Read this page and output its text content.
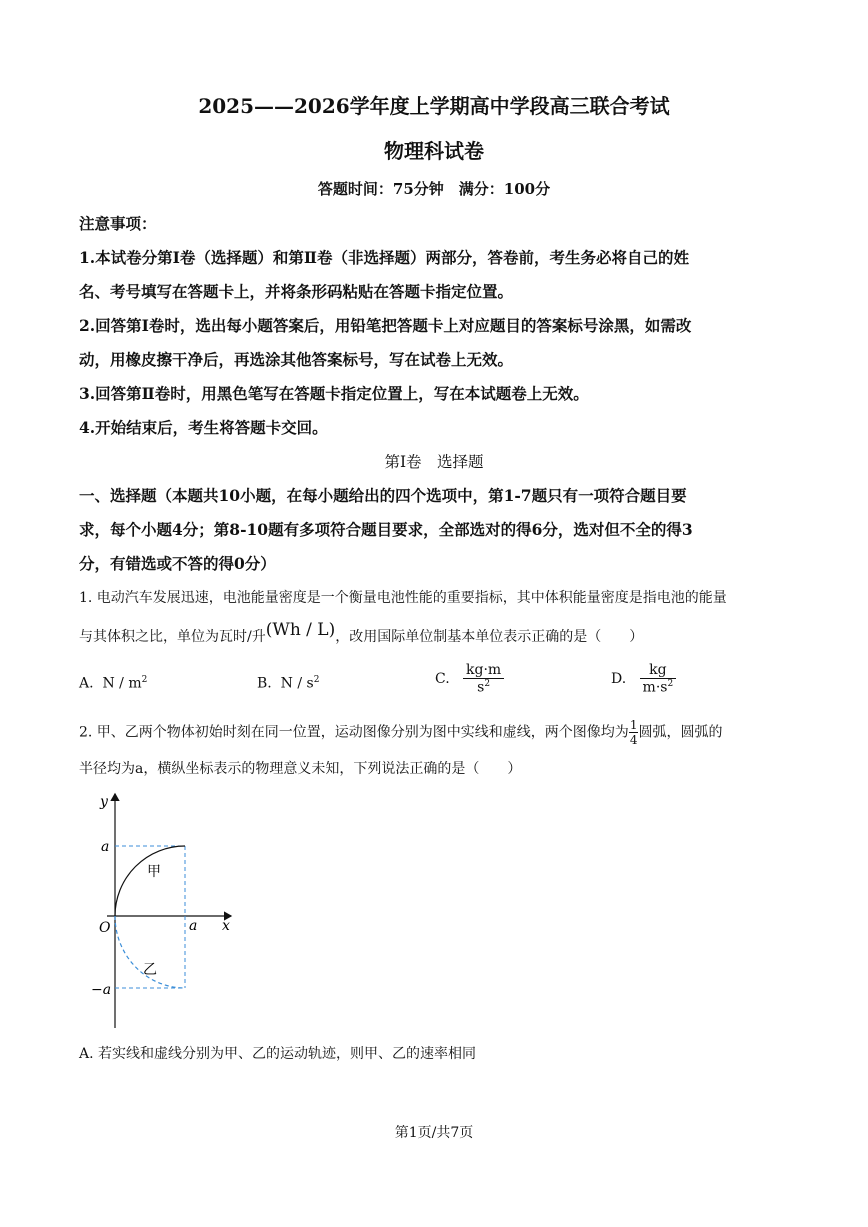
2025——2026学年度上学期高中学段高三联合考试
物理科试卷
答题时间：75分钟　满分：100分
注意事项：
1.本试卷分第Ⅰ卷（选择题）和第Ⅱ卷（非选择题）两部分，答卷前，考生务必将自己的姓
名、考号填写在答题卡上，并将条形码粘贴在答题卡指定位置。
2.回答第Ⅰ卷时，选出每小题答案后，用铅笔把答题卡上对应题目的答案标号涂黑，如需改
动，用橡皮擦干净后，再选涂其他答案标号，写在试卷上无效。
3.回答第Ⅱ卷时，用黑色笔写在答题卡指定位置上，写在本试题卷上无效。
4.开始结束后，考生将答题卡交回。
第Ⅰ卷　选择题
一、选择题（本题共10小题，在每小题给出的四个选项中，第1-7题只有一项符合题目要
求，每个小题4分；第8-10题有多项符合题目要求，全部选对的得6分，选对但不全的得3
分，有错选或不答的得0分）
1. 电动汽车发展迅速，电池能量密度是一个衡量电池性能的重要指标，其中体积能量密度是指电池的能量
与其体积之比，单位为瓦时/升(Wh / L)，改用国际单位制基本单位表示正确的是（　　）
A. N / $m^2$	B. N / $s^2$	C. $\frac{kg\cdot m}{s^2}$	D. $\frac{kg}{m\cdot s^2}$
2. 甲、乙两个物体初始时刻在同一位置，运动图像分别为图中实线和虚线，两个图像均为 $\frac{1}{4}$ 圆弧，圆弧的
半径均为a，横纵坐标表示的物理意义未知，下列说法正确的是（　　）
y
x
O
a
−a
a
甲
乙
A. 若实线和虚线分别为甲、乙的运动轨迹，则甲、乙的速率相同
第1页/共7页
